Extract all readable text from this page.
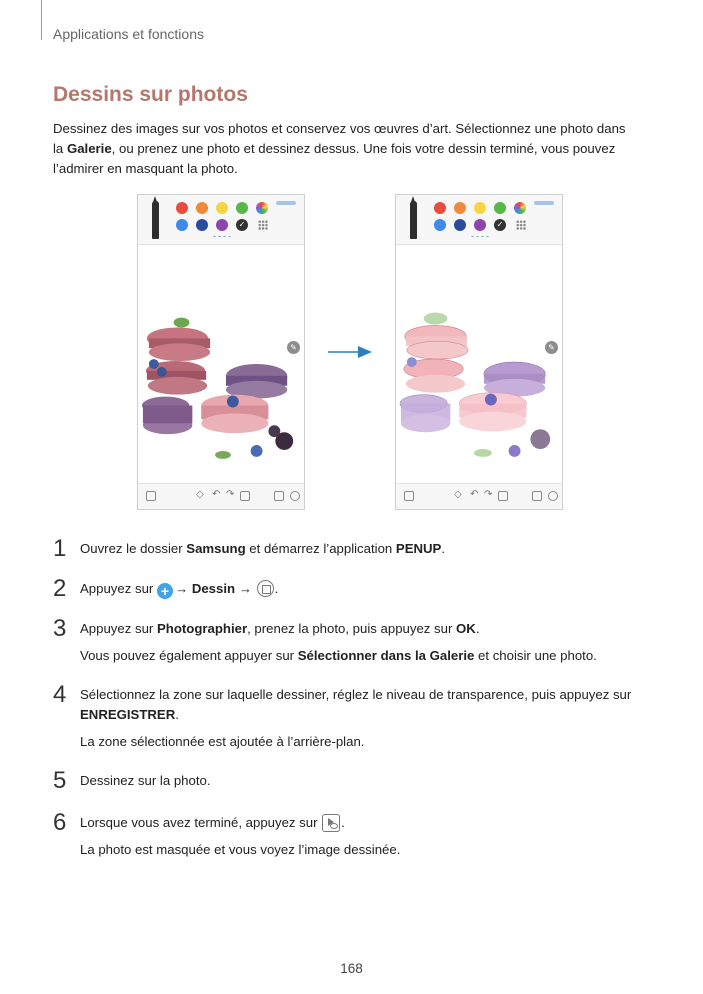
Applications et fonctions
Dessins sur photos

Dessinez des images sur vos photos et conservez vos œuvres d’art. Sélectionnez une photo dans
la Galerie, ou prenez une photo et dessinez dessus. Une fois votre dessin terminé, vous pouvez
l’admirer en masquant la photo.

✓
✎
◇ ↶ ↷
✓
✎
◇ ↶ ↷
1 Ouvrez le dossier Samsung et démarrez l’application PENUP.
2 Appuyez sur + → Dessin → .
3 Appuyez sur Photographier, prenez la photo, puis appuyez sur OK.
Vous pouvez également appuyer sur Sélectionner dans la Galerie et choisir une photo.
4 Sélectionnez la zone sur laquelle dessiner, réglez le niveau de transparence, puis appuyez sur
ENREGISTRER.
La zone sélectionnée est ajoutée à l’arrière-plan.
5 Dessinez sur la photo.
6 Lorsque vous avez terminé, appuyez sur .
La photo est masquée et vous voyez l’image dessinée.
168
